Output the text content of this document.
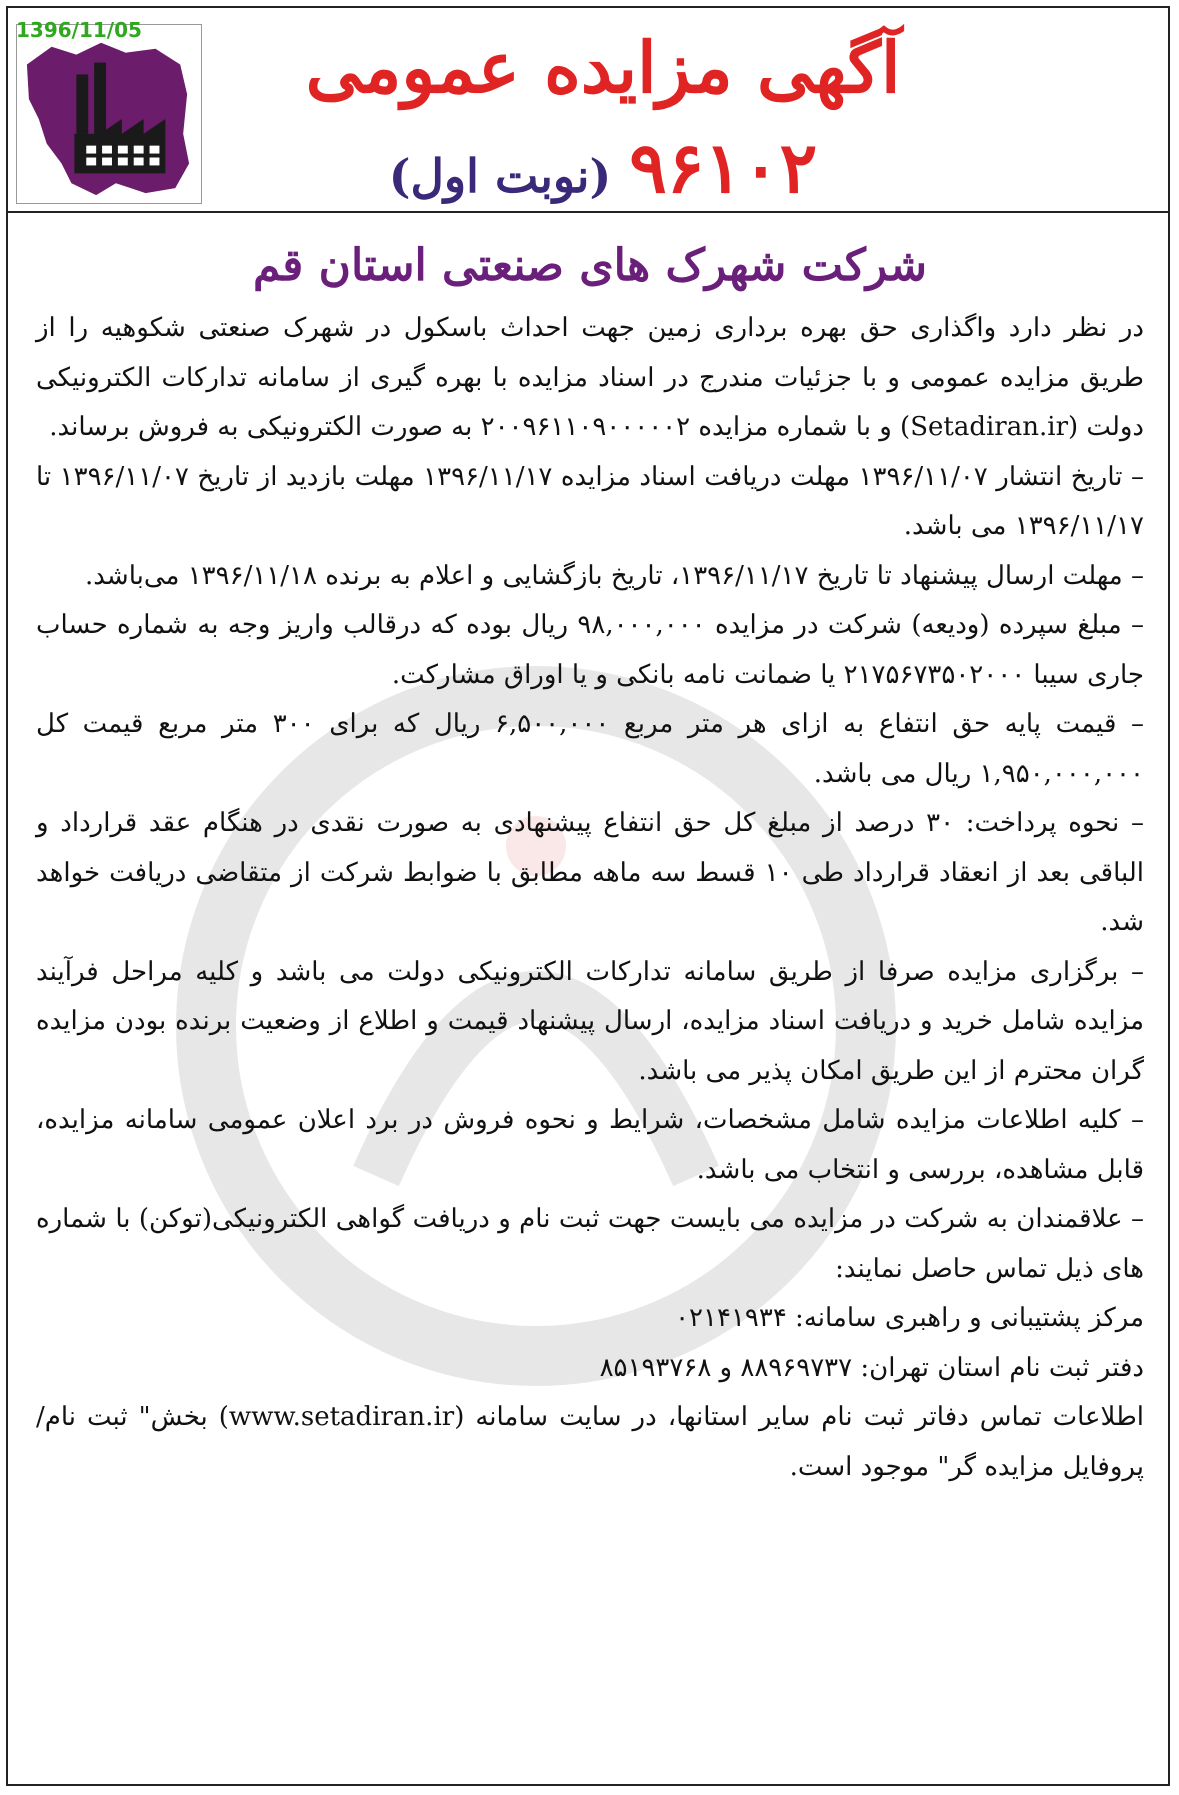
1396/11/05	آگهی مزایده عمومی
۹۶۱۰۲
(نوبت اول)
شرکت شهرک های صنعتی استان قم

در نظر دارد واگذاری حق بهره برداری زمین جهت احداث باسکول در شهرک صنعتی شکوهیه را از طریق مزایده عمومی و با جزئیات مندرج در اسناد مزایده با بهره گیری از سامانه تدارکات الکترونیکی دولت (Setadiran.ir) و با شماره مزایده ۲۰۰۹۶۱۱۰۹۰۰۰۰۰۲ به صورت الکترونیکی به فروش برساند.

– تاریخ انتشار ۱۳۹۶/۱۱/۰۷ مهلت دریافت اسناد مزایده ۱۳۹۶/۱۱/۱۷ مهلت بازدید از تاریخ ۱۳۹۶/۱۱/۰۷ تا ۱۳۹۶/۱۱/۱۷ می باشد.

– مهلت ارسال پیشنهاد تا تاریخ ۱۳۹۶/۱۱/۱۷، تاریخ بازگشایی و اعلام به برنده ۱۳۹۶/۱۱/۱۸ می‌باشد.

– مبلغ سپرده (ودیعه) شرکت در مزایده ۹۸,۰۰۰,۰۰۰ ریال بوده که درقالب واریز وجه به شماره حساب جاری سیبا ۲۱۷۵۶۷۳۵۰۲۰۰۰ یا ضمانت نامه بانکی و یا اوراق مشارکت.

– قیمت پایه حق انتفاع به ازای هر متر مربع ۶,۵۰۰,۰۰۰ ریال که برای ۳۰۰ متر مربع قیمت کل ۱,۹۵۰,۰۰۰,۰۰۰ ریال می باشد.

– نحوه پرداخت: ۳۰ درصد از مبلغ کل حق انتفاع پیشنهادی به صورت نقدی در هنگام عقد قرارداد و الباقی بعد از انعقاد قرارداد طی ۱۰ قسط سه ماهه مطابق با ضوابط شرکت از متقاضی دریافت خواهد شد.

– برگزاری مزایده صرفا از طریق سامانه تدارکات الکترونیکی دولت می باشد و کلیه مراحل فرآیند مزایده شامل خرید و دریافت اسناد مزایده، ارسال پیشنهاد قیمت و اطلاع از وضعیت برنده بودن مزایده گران محترم از این طریق امکان پذیر می باشد.

– کلیه اطلاعات مزایده شامل مشخصات، شرایط و نحوه فروش در برد اعلان عمومی سامانه مزایده، قابل مشاهده، بررسی و انتخاب می باشد.

– علاقمندان به شرکت در مزایده می بایست جهت ثبت نام و دریافت گواهی الکترونیکی(توکن) با شماره های ذیل تماس حاصل نمایند:

مرکز پشتیبانی و راهبری سامانه: ۰۲۱۴۱۹۳۴

دفتر ثبت نام استان تهران: ۸۸۹۶۹۷۳۷ و ۸۵۱۹۳۷۶۸

اطلاعات تماس دفاتر ثبت نام سایر استانها، در سایت سامانه (www.setadiran.ir) بخش" ثبت نام/پروفایل مزایده گر" موجود است.
